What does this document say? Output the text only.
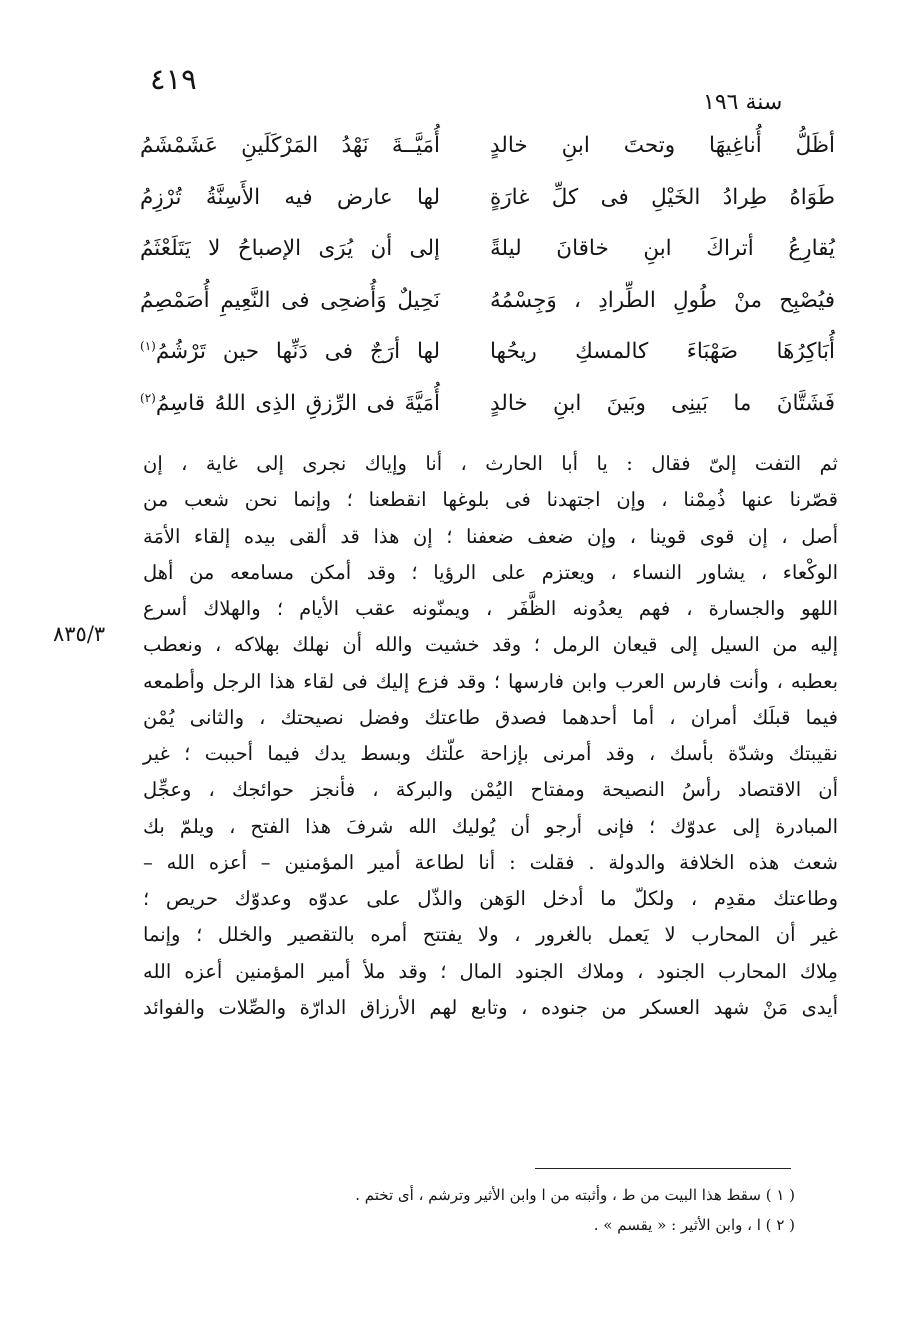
٤١٩
سنة ١٩٦
أظَلُّ أُناغِيهَا وتحتَ ابنِ خالدٍ
أُمَيَّــةَ نَهْدُ المَرْكَلَينِ عَشَمْشَمُ
طَوَاهُ طِرادُ الخَيْلِ فى كلِّ غارَةٍ
لها عارض فيه الأَسِنَّةُ تُرْزِمُ
يُقارِعُ أتراكَ ابنِ خاقانَ ليلةً
إلى أن يُرَى الإصباحُ لا يَتَلَعْثَمُ
فيُصْبِح منْ طُولِ الطِّرادِ ، وَجِسْمُهُ
نَحِيلٌ وَأُضحِى فى النَّعِيمِ أُصَمْصِمُ
أُبَاكِرُهَا صَهْبَاءَ كالمسكِ ريحُها
لها أرَجٌ فى دَنِّها حين تَرْشُمُ$^{(١)}$
فَشَتَّانَ ما بَينِى وبَينَ ابنِ خالدٍ
أُمَيَّةَ فى الرِّزقِ الذِى اللهُ قاسِمُ$^{(٢)}$
ثم التفت إلىّ فقال : يا أبا الحارث ، أنا وإياك نجرى إلى غاية ، إن
قصّرنا عنها ذُمِمْنا ، وإن اجتهدنا فى بلوغها انقطعنا ؛ وإنما نحن شعب من
أصل ، إن قوى قوينا ، وإن ضعف ضعفنا ؛ إن هذا قد ألقى بيده إلقاء الأمَة
الوكْعاء ، يشاور النساء ، ويعتزم على الرؤيا ؛ وقد أمكن مسامعه من أهل
اللهو والجسارة ، فهم يعدُونه الظَّفَر ، ويمنّونه عقب الأيام ؛ والهلاك أسرع
إليه من السيل إلى قيعان الرمل ؛ وقد خشيت والله أن نهلك بهلاكه ، ونعطب
بعطبه ، وأنت فارس العرب وابن فارسها ؛ وقد فزع إليك فى لقاء هذا الرجل وأطمعه
فيما قبلَك أمران ، أما أحدهما فصدق طاعتك وفضل نصيحتك ، والثانى يُمْن
نقيبتك وشدّة بأسك ، وقد أمرنى بإزاحة علّتك وبسط يدك فيما أحببت ؛ غير
أن الاقتصاد رأسُ النصيحة ومفتاح اليُمْن والبركة ، فأنجز حوائجك ، وعجِّل
المبادرة إلى عدوّك ؛ فإنى أرجو أن يُوليك الله شرفَ هذا الفتح ، ويلمّ بك
شعث هذه الخلافة والدولة . فقلت : أنا لطاعة أمير المؤمنين – أعزه الله –
وطاعتك مقدِم ، ولكلّ ما أدخل الوَهن والذّل على عدوّه وعدوّك حريص ؛
غير أن المحارب لا يَعمل بالغرور ، ولا يفتتح أمره بالتقصير والخلل ؛ وإنما
مِلاك المحارب الجنود ، وملاك الجنود المال ؛ وقد ملأ أمير المؤمنين أعزه الله
أيدى مَنْ شهد العسكر من جنوده ، وتابع لهم الأرزاق الدارّة والصِّلات والفوائد
٨٣٥/٣
( ١ ) سقط هذا البيت من ط ، وأثبته من ا وابن الأثير وترشم ، أى تختم .
( ٢ ) ا ، وابن الأثير : « يقسم » .
